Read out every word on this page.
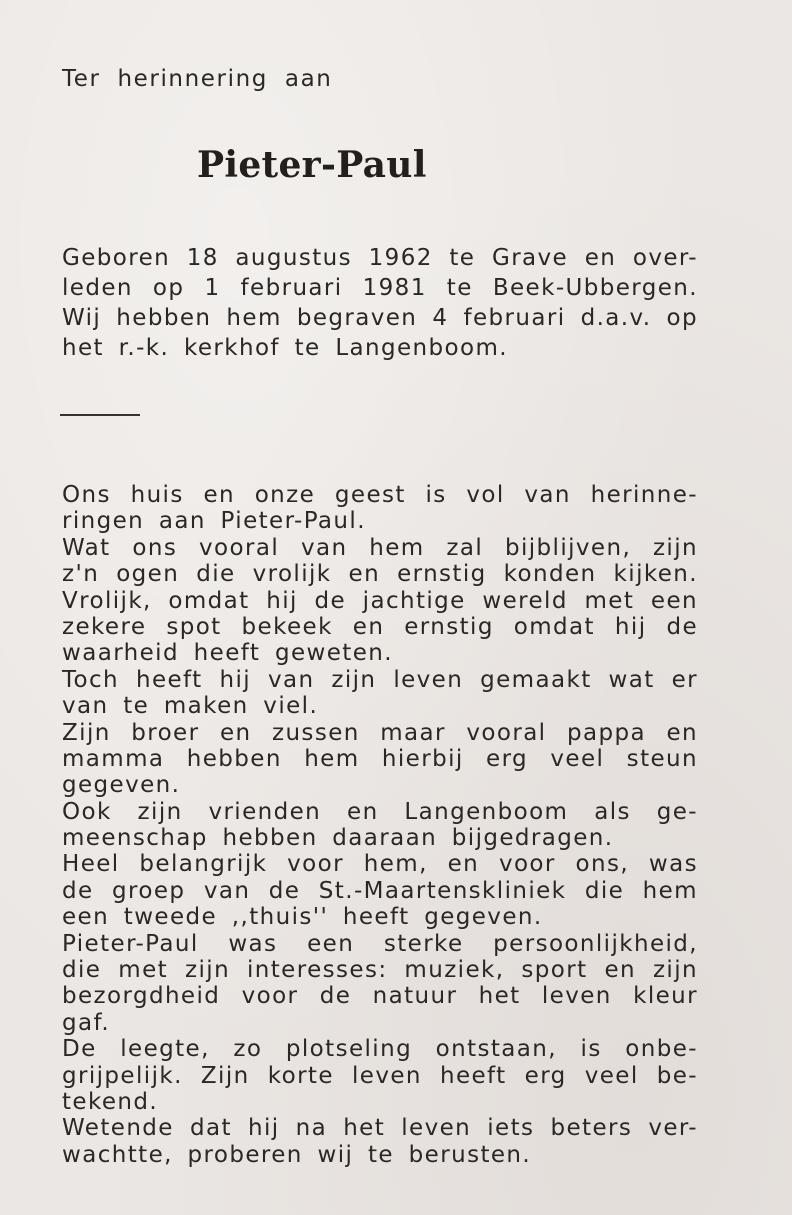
Ter herinnering aan

Pieter-Paul
Geboren 18 augustus 1962 te Grave en over-
leden op 1 februari 1981 te Beek-Ubbergen.
Wij hebben hem begraven 4 februari d.a.v. op
het r.-k. kerkhof te Langenboom.
Ons huis en onze geest is vol van herinne-
ringen aan Pieter-Paul.
Wat ons vooral van hem zal bijblijven, zijn
z'n ogen die vrolijk en ernstig konden kijken.
Vrolijk, omdat hij de jachtige wereld met een
zekere spot bekeek en ernstig omdat hij de
waarheid heeft geweten.
Toch heeft hij van zijn leven gemaakt wat er
van te maken viel.
Zijn broer en zussen maar vooral pappa en
mamma hebben hem hierbij erg veel steun
gegeven.
Ook zijn vrienden en Langenboom als ge-
meenschap hebben daaraan bijgedragen.
Heel belangrijk voor hem, en voor ons, was
de groep van de St.-Maartenskliniek die hem
een tweede ,,thuis'' heeft gegeven.
Pieter-Paul was een sterke persoonlijkheid,
die met zijn interesses: muziek, sport en zijn
bezorgdheid voor de natuur het leven kleur
gaf.
De leegte, zo plotseling ontstaan, is onbe-
grijpelijk. Zijn korte leven heeft erg veel be-
tekend.
Wetende dat hij na het leven iets beters ver-
wachtte, proberen wij te berusten.
